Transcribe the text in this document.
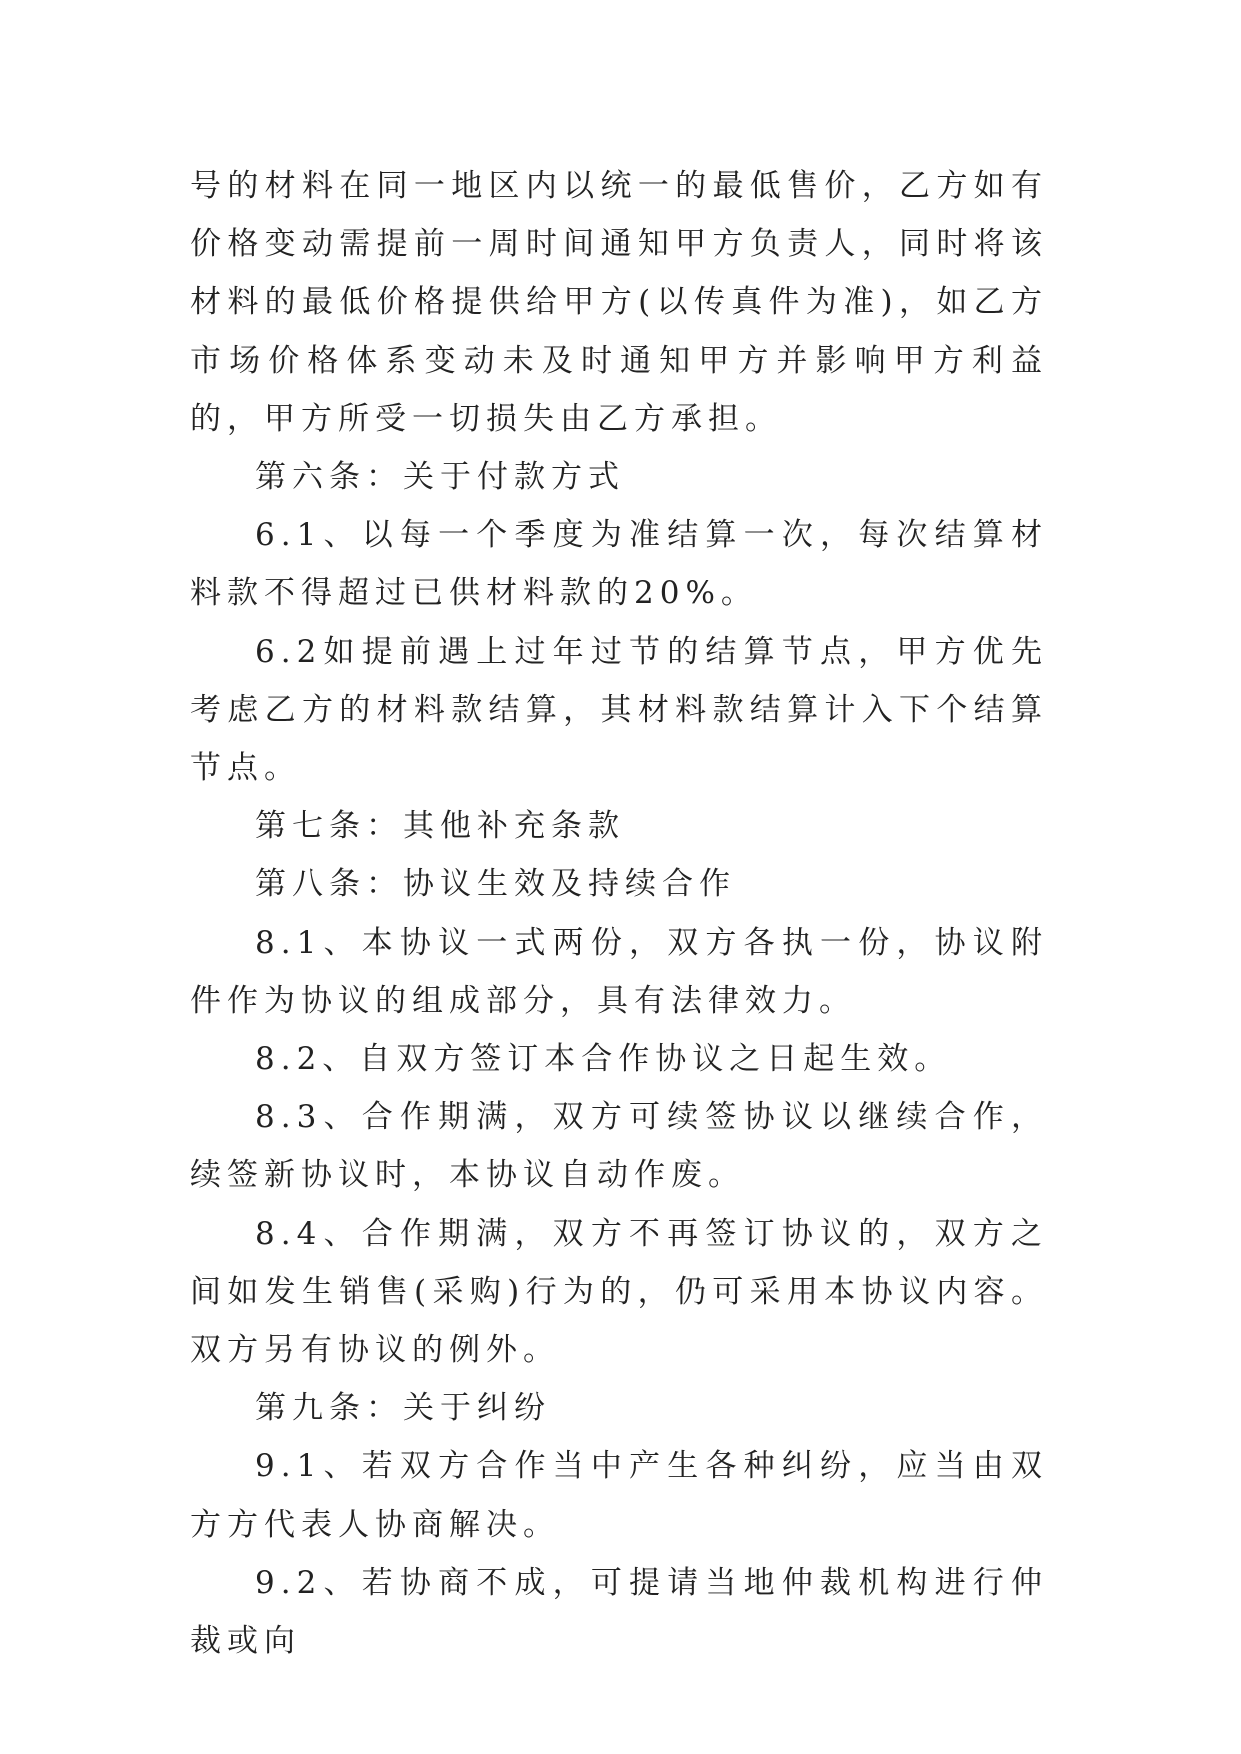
号的材料在同一地区内以统一的最低售价，乙方如有价格变动需提前一周时间通知甲方负责人，同时将该材料的最低价格提供给甲方(以传真件为准)，如乙方市场价格体系变动未及时通知甲方并影响甲方利益的，甲方所受一切损失由乙方承担。

第六条：关于付款方式

6.1、以每一个季度为准结算一次，每次结算材料款不得超过已供材料款的20%。

6.2如提前遇上过年过节的结算节点，甲方优先考虑乙方的材料款结算，其材料款结算计入下个结算节点。

第七条：其他补充条款

第八条：协议生效及持续合作

8.1、本协议一式两份，双方各执一份，协议附件作为协议的组成部分，具有法律效力。

8.2、自双方签订本合作协议之日起生效。

8.3、合作期满，双方可续签协议以继续合作，续签新协议时，本协议自动作废。

8.4、合作期满，双方不再签订协议的，双方之间如发生销售(采购)行为的，仍可采用本协议内容。双方另有协议的例外。

第九条：关于纠纷

9.1、若双方合作当中产生各种纠纷，应当由双方方代表人协商解决。

9.2、若协商不成，可提请当地仲裁机构进行仲裁或向
